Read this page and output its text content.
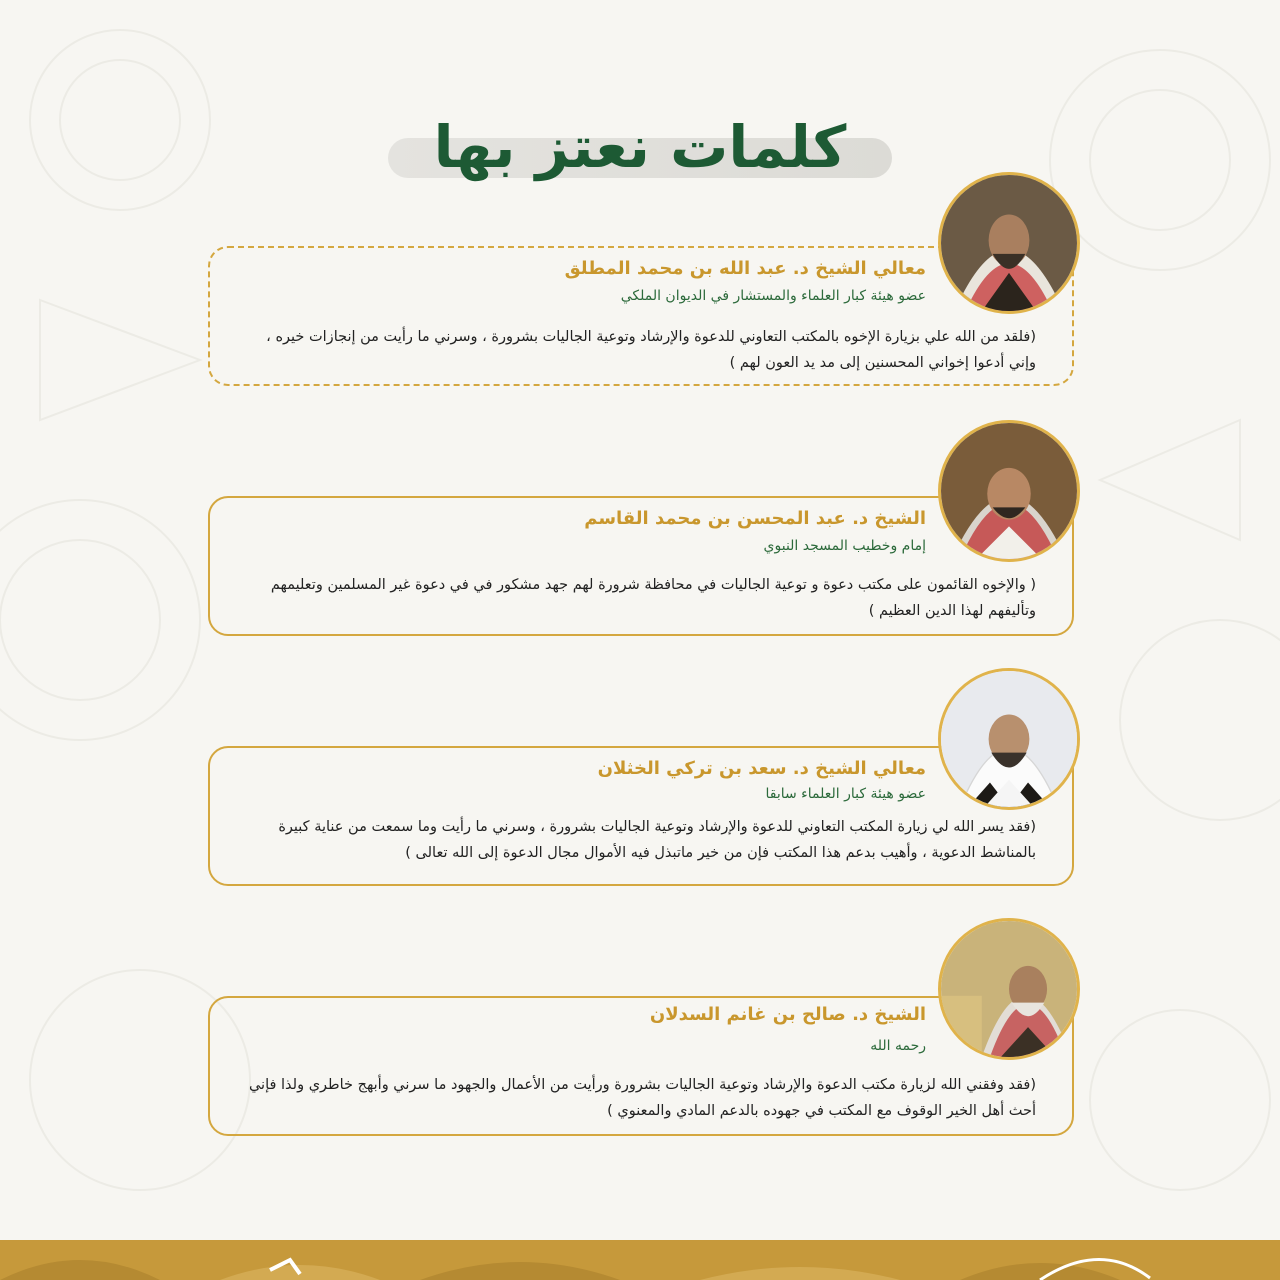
كلمات نعتز بها
معالي الشيخ د. عبد الله بن محمد المطلق
عضو هيئة كبار العلماء والمستشار في الديوان الملكي
(فلقد من الله علي بزيارة الإخوه بالمكتب التعاوني للدعوة والإرشاد وتوعية الجاليات بشرورة ، وسرني ما رأيت من إنجازات خيره ، وإني أدعوا إخواني المحسنين إلى مد يد العون لهم )
الشيخ د. عبد المحسن بن محمد القاسم
إمام وخطيب المسجد النبوي
( والإخوه القائمون على مكتب دعوة و توعية الجاليات في محافظة شرورة لهم جهد مشكور في في دعوة غير المسلمين وتعليمهم وتأليفهم لهذا الدين العظيم )
معالي الشيخ د. سعد بن تركي الخثلان
عضو هيئة كبار العلماء سابقا
(فقد يسر الله لي زيارة المكتب التعاوني للدعوة والإرشاد وتوعية الجاليات بشرورة ، وسرني ما رأيت وما سمعت من عناية كبيرة بالمناشط الدعوية ، وأهيب بدعم هذا المكتب فإن من خير ماتبذل فيه الأموال مجال الدعوة إلى الله تعالى )
الشيخ د. صالح بن غانم السدلان
رحمه الله
(فقد وفقني الله لزيارة مكتب الدعوة والإرشاد وتوعية الجاليات بشرورة ورأيت من الأعمال والجهود ما سرني وأبهج خاطري ولذا فإني أحث أهل الخير الوقوف مع المكتب في جهوده بالدعم المادي والمعنوي )
